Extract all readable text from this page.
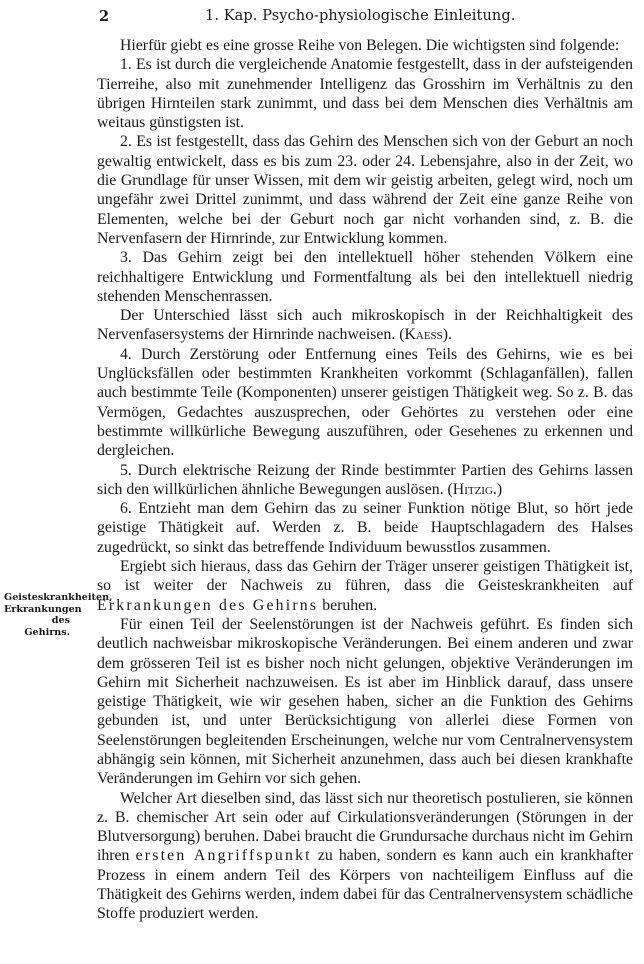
2	1. Kap. Psycho-physiologische Einleitung.
Geisteskrankheiten, Erkrankungen des Gehirns.

Hierfür giebt es eine grosse Reihe von Belegen. Die wichtigsten sind folgende:

1. Es ist durch die vergleichende Anatomie festgestellt, dass in der aufsteigenden Tierreihe, also mit zunehmender Intelligenz das Grosshirn im Verhältnis zu den übrigen Hirnteilen stark zunimmt, und dass bei dem Menschen dies Verhältnis am weitaus günstigsten ist.

2. Es ist festgestellt, dass das Gehirn des Menschen sich von der Geburt an noch gewaltig entwickelt, dass es bis zum 23. oder 24. Lebensjahre, also in der Zeit, wo die Grundlage für unser Wissen, mit dem wir geistig arbeiten, gelegt wird, noch um ungefähr zwei Drittel zunimmt, und dass während der Zeit eine ganze Reihe von Elementen, welche bei der Geburt noch gar nicht vorhanden sind, z. B. die Nervenfasern der Hirnrinde, zur Entwicklung kommen.

3. Das Gehirn zeigt bei den intellektuell höher stehenden Völkern eine reichhaltigere Entwicklung und Formentfaltung als bei den intellektuell niedrig stehenden Menschenrassen.

Der Unterschied lässt sich auch mikroskopisch in der Reichhaltigkeit des Nervenfasersystems der Hirnrinde nachweisen. (Kaess).

4. Durch Zerstörung oder Entfernung eines Teils des Gehirns, wie es bei Unglücksfällen oder bestimmten Krankheiten vorkommt (Schlaganfällen), fallen auch bestimmte Teile (Komponenten) unserer geistigen Thätigkeit weg. So z. B. das Vermögen, Gedachtes auszusprechen, oder Gehörtes zu verstehen oder eine bestimmte willkürliche Bewegung auszuführen, oder Gesehenes zu erkennen und dergleichen.

5. Durch elektrische Reizung der Rinde bestimmter Partien des Gehirns lassen sich den willkürlichen ähnliche Bewegungen auslösen. (Hitzig.)

6. Entzieht man dem Gehirn das zu seiner Funktion nötige Blut, so hört jede geistige Thätigkeit auf. Werden z. B. beide Hauptschlagadern des Halses zugedrückt, so sinkt das betreffende Individuum bewusstlos zusammen.

Ergiebt sich hieraus, dass das Gehirn der Träger unserer geistigen Thätigkeit ist, so ist weiter der Nachweis zu führen, dass die Geisteskrankheiten auf Erkrankungen des Gehirns beruhen.

Für einen Teil der Seelenstörungen ist der Nachweis geführt. Es finden sich deutlich nachweisbar mikroskopische Veränderungen. Bei einem anderen und zwar dem grösseren Teil ist es bisher noch nicht gelungen, objektive Veränderungen im Gehirn mit Sicherheit nachzuweisen. Es ist aber im Hinblick darauf, dass unsere geistige Thätigkeit, wie wir gesehen haben, sicher an die Funktion des Gehirns gebunden ist, und unter Berücksichtigung von allerlei diese Formen von Seelenstörungen begleitenden Erscheinungen, welche nur vom Centralnervensystem abhängig sein können, mit Sicherheit anzunehmen, dass auch bei diesen krankhafte Veränderungen im Gehirn vor sich gehen.

Welcher Art dieselben sind, das lässt sich nur theoretisch postulieren, sie können z. B. chemischer Art sein oder auf Cirkulationsveränderungen (Störungen in der Blutversorgung) beruhen. Dabei braucht die Grundursache durchaus nicht im Gehirn ihren ersten Angriffspunkt zu haben, sondern es kann auch ein krankhafter Prozess in einem andern Teil des Körpers von nachteiligem Einfluss auf die Thätigkeit des Gehirns werden, indem dabei für das Centralnervensystem schädliche Stoffe produziert werden.
